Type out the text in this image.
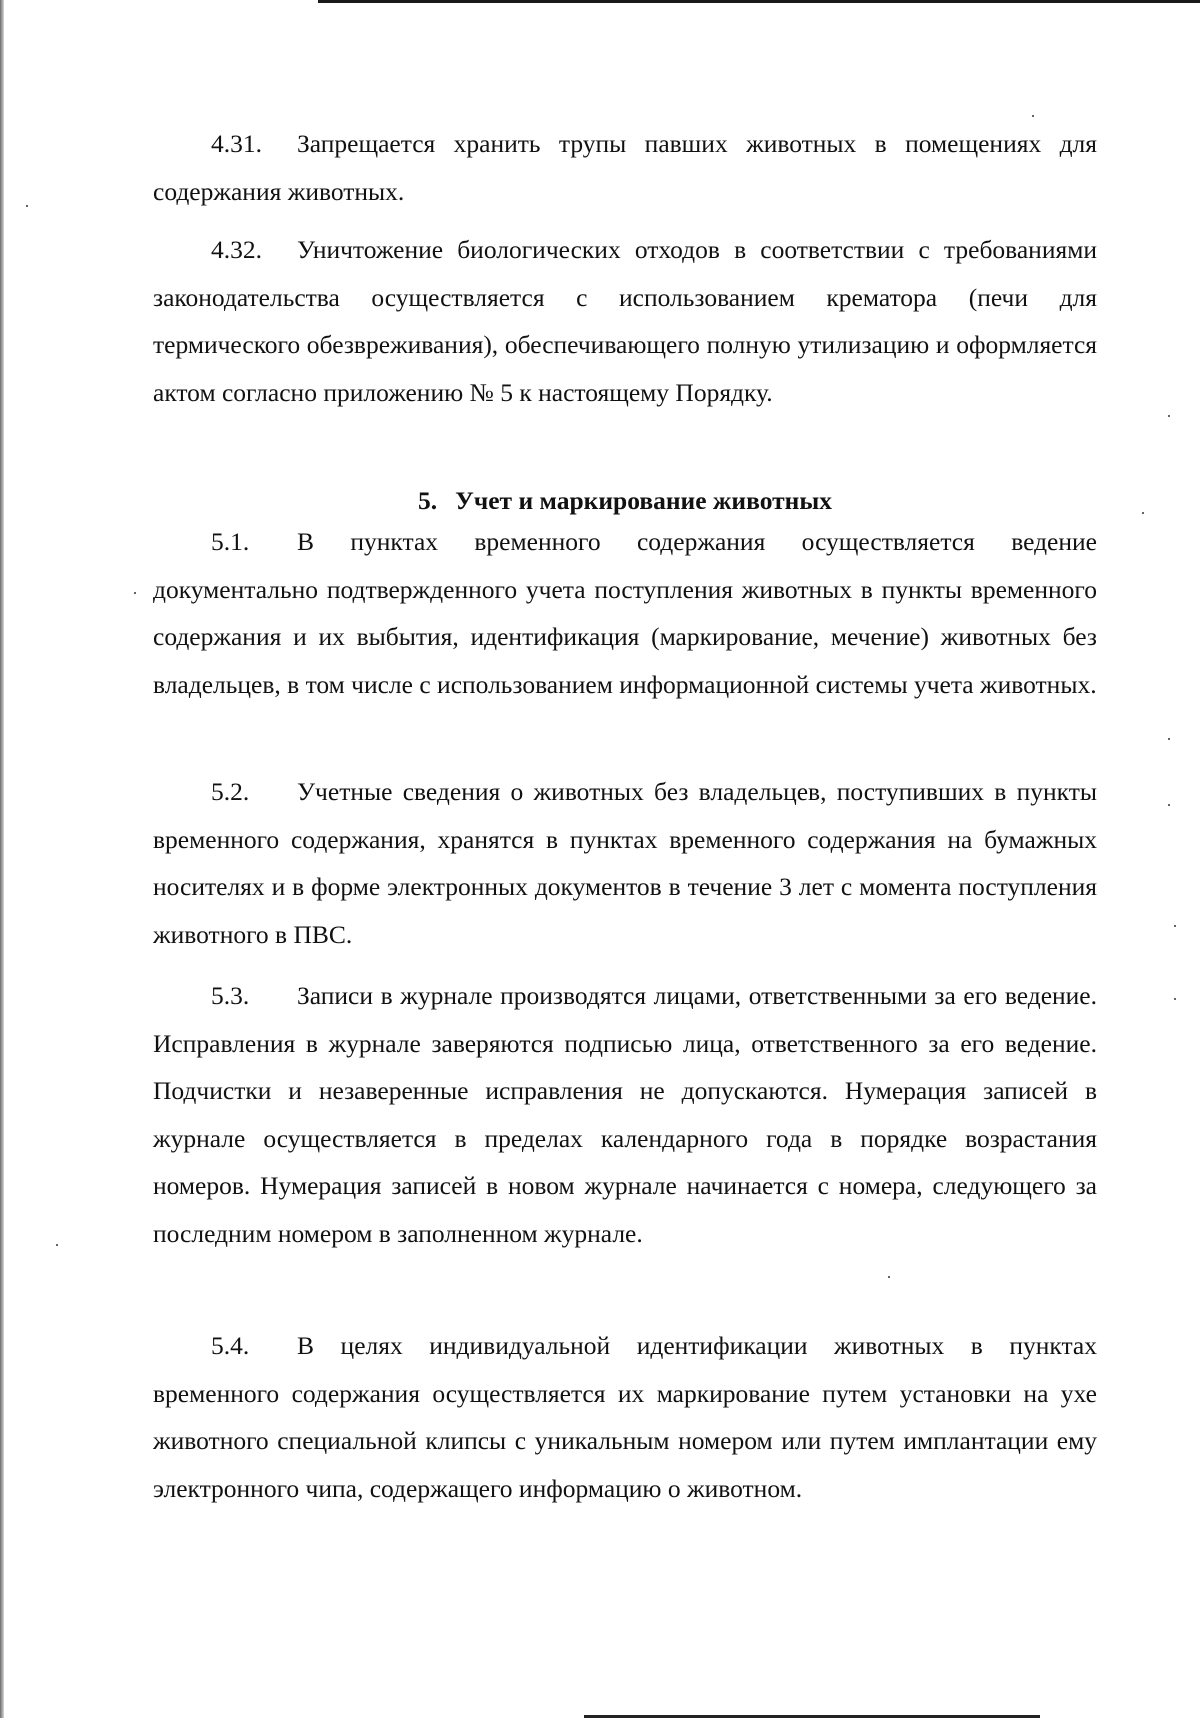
4.31. Запрещается хранить трупы павших животных в помещениях для содержания животных.

4.32. Уничтожение биологических отходов в соответствии с требованиями законодательства осуществляется с использованием крематора (печи для термического обезвреживания), обеспечивающего полную утилизацию и оформляется актом согласно приложению № 5 к настоящему Порядку.

5. Учет и маркирование животных

5.1. В пунктах временного содержания осуществляется ведение документально подтвержденного учета поступления животных в пункты временного содержания и их выбытия, идентификация (маркирование, мечение) животных без владельцев, в том числе с использованием информационной системы учета животных.

5.2. Учетные сведения о животных без владельцев, поступивших в пункты временного содержания, хранятся в пунктах временного содержания на бумажных носителях и в форме электронных документов в течение 3 лет с момента поступления животного в ПВС.

5.3. Записи в журнале производятся лицами, ответственными за его ведение. Исправления в журнале заверяются подписью лица, ответственного за его ведение. Подчистки и незаверенные исправления не допускаются. Нумерация записей в журнале осуществляется в пределах календарного года в порядке возрастания номеров. Нумерация записей в новом журнале начинается с номера, следующего за последним номером в заполненном журнале.

5.4. В целях индивидуальной идентификации животных в пунктах временного содержания осуществляется их маркирование путем установки на ухе животного специальной клипсы с уникальным номером или путем имплантации ему электронного чипа, содержащего информацию о животном.
